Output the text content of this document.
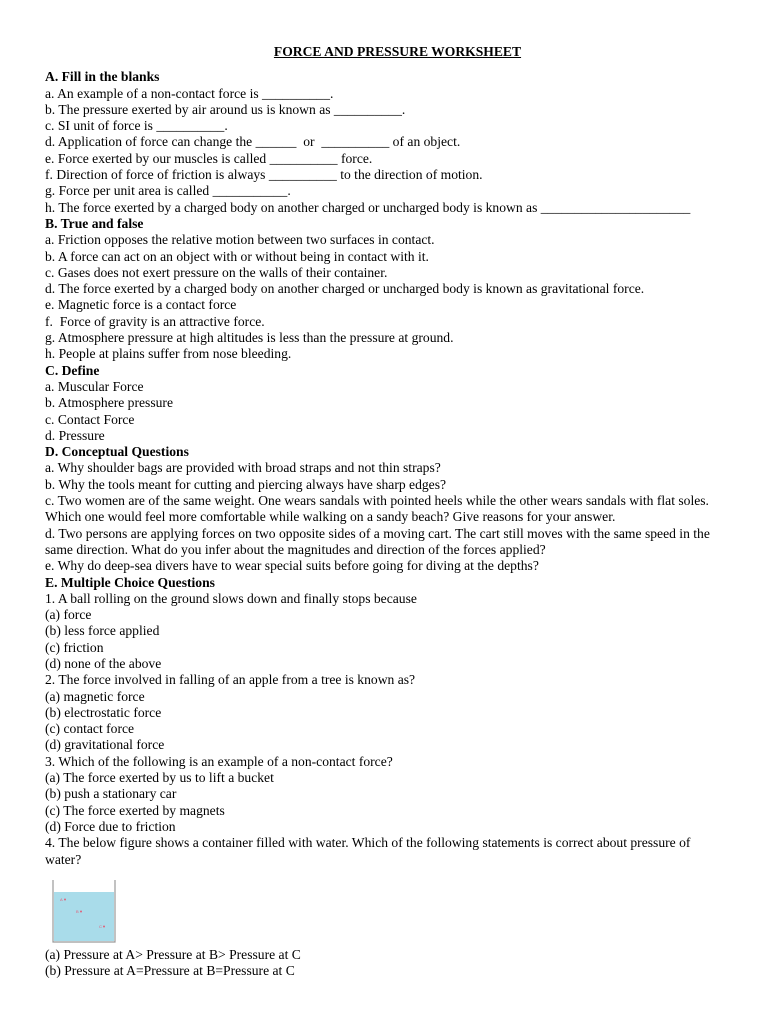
FORCE AND PRESSURE WORKSHEET
A. Fill in the blanks
a. An example of a non-contact force is __________.
b. The pressure exerted by air around us is known as __________.
c. SI unit of force is __________.
d. Application of force can change the ______  or  __________ of an object.
e. Force exerted by our muscles is called __________ force.
f. Direction of force of friction is always __________ to the direction of motion.
g. Force per unit area is called ___________.
h. The force exerted by a charged body on another charged or uncharged body is known as ______________________
B. True and false
a. Friction opposes the relative motion between two surfaces in contact.
b. A force can act on an object with or without being in contact with it.
c. Gases does not exert pressure on the walls of their container.
d. The force exerted by a charged body on another charged or uncharged body is known as gravitational force.
e. Magnetic force is a contact force
f.  Force of gravity is an attractive force.
g. Atmosphere pressure at high altitudes is less than the pressure at ground.
h. People at plains suffer from nose bleeding.
C. Define
a. Muscular Force
b. Atmosphere pressure
c. Contact Force
d. Pressure
D. Conceptual Questions
a. Why shoulder bags are provided with broad straps and not thin straps?
b. Why the tools meant for cutting and piercing always have sharp edges?
c. Two women are of the same weight. One wears sandals with pointed heels while the other wears sandals with flat soles. Which one would feel more comfortable while walking on a sandy beach? Give reasons for your answer.
d. Two persons are applying forces on two opposite sides of a moving cart. The cart still moves with the same speed in the same direction. What do you infer about the magnitudes and direction of the forces applied?
e. Why do deep-sea divers have to wear special suits before going for diving at the depths?
E. Multiple Choice Questions
1. A ball rolling on the ground slows down and finally stops because
(a) force
(b) less force applied
(c) friction
(d) none of the above
2. The force involved in falling of an apple from a tree is known as?
(a) magnetic force
(b) electrostatic force
(c) contact force
(d) gravitational force
3. Which of the following is an example of a non-contact force?
(a) The force exerted by us to lift a bucket
(b) push a stationary car
(c) The force exerted by magnets
(d) Force due to friction
4. The below figure shows a container filled with water. Which of the following statements is correct about pressure of water?
A
B
C
(a) Pressure at A> Pressure at B> Pressure at C
(b) Pressure at A=Pressure at B=Pressure at C
